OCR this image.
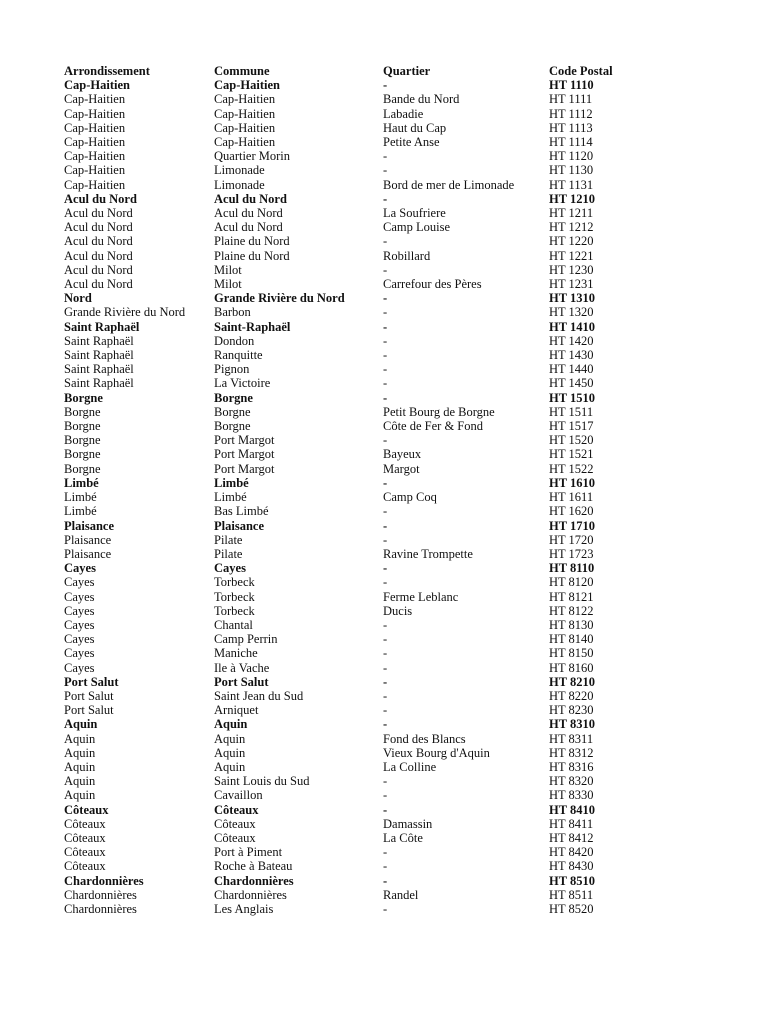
Arrondissement	Commune	Quartier	Code Postal
Cap-Haitien	Cap-Haitien	-	HT 1110
Cap-Haitien	Cap-Haitien	Bande du Nord	HT 1111
Cap-Haitien	Cap-Haitien	Labadie	HT 1112
Cap-Haitien	Cap-Haitien	Haut du Cap	HT 1113
Cap-Haitien	Cap-Haitien	Petite Anse	HT 1114
Cap-Haitien	Quartier Morin	-	HT 1120
Cap-Haitien	Limonade	-	HT 1130
Cap-Haitien	Limonade	Bord de mer de Limonade	HT 1131
Acul du Nord	Acul du Nord	-	HT 1210
Acul du Nord	Acul du Nord	La Soufriere	HT 1211
Acul du Nord	Acul du Nord	Camp Louise	HT 1212
Acul du Nord	Plaine du Nord	-	HT 1220
Acul du Nord	Plaine du Nord	Robillard	HT 1221
Acul du Nord	Milot	-	HT 1230
Acul du Nord	Milot	Carrefour des Pères	HT 1231
Nord	Grande Rivière du Nord	-	HT 1310
Grande Rivière du Nord	Barbon	-	HT 1320
Saint Raphaël	Saint-Raphaël	-	HT 1410
Saint Raphaël	Dondon	-	HT 1420
Saint Raphaël	Ranquitte	-	HT 1430
Saint Raphaël	Pignon	-	HT 1440
Saint Raphaël	La Victoire	-	HT 1450
Borgne	Borgne	-	HT 1510
Borgne	Borgne	Petit Bourg de Borgne	HT 1511
Borgne	Borgne	Côte de Fer & Fond	HT 1517
Borgne	Port Margot	-	HT 1520
Borgne	Port Margot	Bayeux	HT 1521
Borgne	Port Margot	Margot	HT 1522
Limbé	Limbé	-	HT 1610
Limbé	Limbé	Camp Coq	HT 1611
Limbé	Bas Limbé	-	HT 1620
Plaisance	Plaisance	-	HT 1710
Plaisance	Pilate	-	HT 1720
Plaisance	Pilate	Ravine Trompette	HT 1723
Cayes	Cayes	-	HT 8110
Cayes	Torbeck	-	HT 8120
Cayes	Torbeck	Ferme Leblanc	HT 8121
Cayes	Torbeck	Ducis	HT 8122
Cayes	Chantal	-	HT 8130
Cayes	Camp Perrin	-	HT 8140
Cayes	Maniche	-	HT 8150
Cayes	Ile à Vache	-	HT 8160
Port Salut	Port Salut	-	HT 8210
Port Salut	Saint Jean du Sud	-	HT 8220
Port Salut	Arniquet	-	HT 8230
Aquin	Aquin	-	HT 8310
Aquin	Aquin	Fond des Blancs	HT 8311
Aquin	Aquin	Vieux Bourg d'Aquin	HT 8312
Aquin	Aquin	La Colline	HT 8316
Aquin	Saint Louis du Sud	-	HT 8320
Aquin	Cavaillon	-	HT 8330
Côteaux	Côteaux	-	HT 8410
Côteaux	Côteaux	Damassin	HT 8411
Côteaux	Côteaux	La Côte	HT 8412
Côteaux	Port à Piment	-	HT 8420
Côteaux	Roche à Bateau	-	HT 8430
Chardonnières	Chardonnières	-	HT 8510
Chardonnières	Chardonnières	Randel	HT 8511
Chardonnières	Les Anglais	-	HT 8520
